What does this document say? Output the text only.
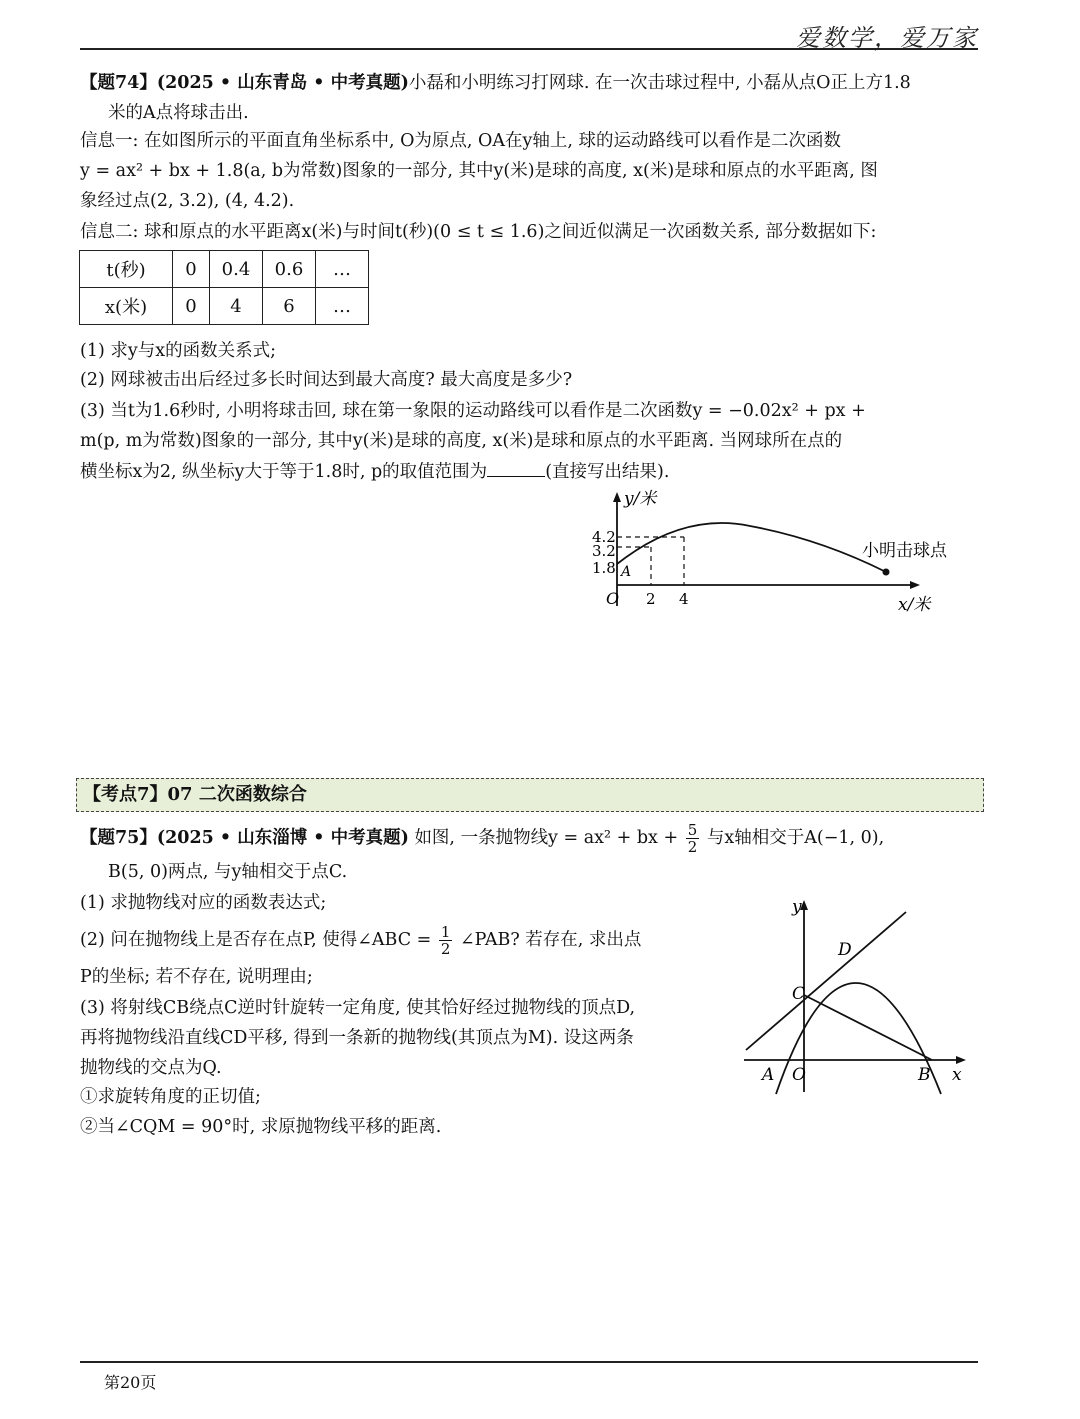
爱数学，爱万家
【题74】(2025 • 山东青岛 • 中考真题)小磊和小明练习打网球. 在一次击球过程中, 小磊从点O正上方1.8
米的A点将球击出.
信息一: 在如图所示的平面直角坐标系中, O为原点, OA在y轴上, 球的运动路线可以看作是二次函数
y = ax² + bx + 1.8(a, b为常数)图象的一部分, 其中y(米)是球的高度, x(米)是球和原点的水平距离, 图
象经过点(2, 3.2), (4, 4.2).
信息二: 球和原点的水平距离x(米)与时间t(秒)(0 ≤ t ≤ 1.6)之间近似满足一次函数关系, 部分数据如下:
t(秒)	0	0.4	0.6	…
x(米)	0	4	6	…
(1) 求y与x的函数关系式;
(2) 网球被击出后经过多长时间达到最大高度? 最大高度是多少?
(3) 当t为1.6秒时, 小明将球击回, 球在第一象限的运动路线可以看作是二次函数y = −0.02x² + px +
m(p, m为常数)图象的一部分, 其中y(米)是球的高度, x(米)是球和原点的水平距离. 当网球所在点的
横坐标x为2, 纵坐标y大于等于1.8时, p的取值范围为	(直接写出结果).
y/米
x/米
4.2
3.2
1.8
2 4
O
A
小明击球点
【考点7】07 二次函数综合
【题75】(2025 • 山东淄博 • 中考真题) 如图, 一条抛物线y = ax² + bx + $\frac{5}{2}$ 与x轴相交于A(−1, 0),
B(5, 0)两点, 与y轴相交于点C.
(1) 求抛物线对应的函数表达式;
(2) 问在抛物线上是否存在点P, 使得∠ABC = $\frac{1}{2}$ ∠PAB? 若存在, 求出点
P的坐标; 若不存在, 说明理由;
(3) 将射线CB绕点C逆时针旋转一定角度, 使其恰好经过抛物线的顶点D,
再将抛物线沿直线CD平移, 得到一条新的抛物线(其顶点为M). 设这两条
抛物线的交点为Q.
①求旋转角度的正切值;
②当∠CQM = 90°时, 求原抛物线平移的距离.
y
x
O
A	B
C
D
第20页
